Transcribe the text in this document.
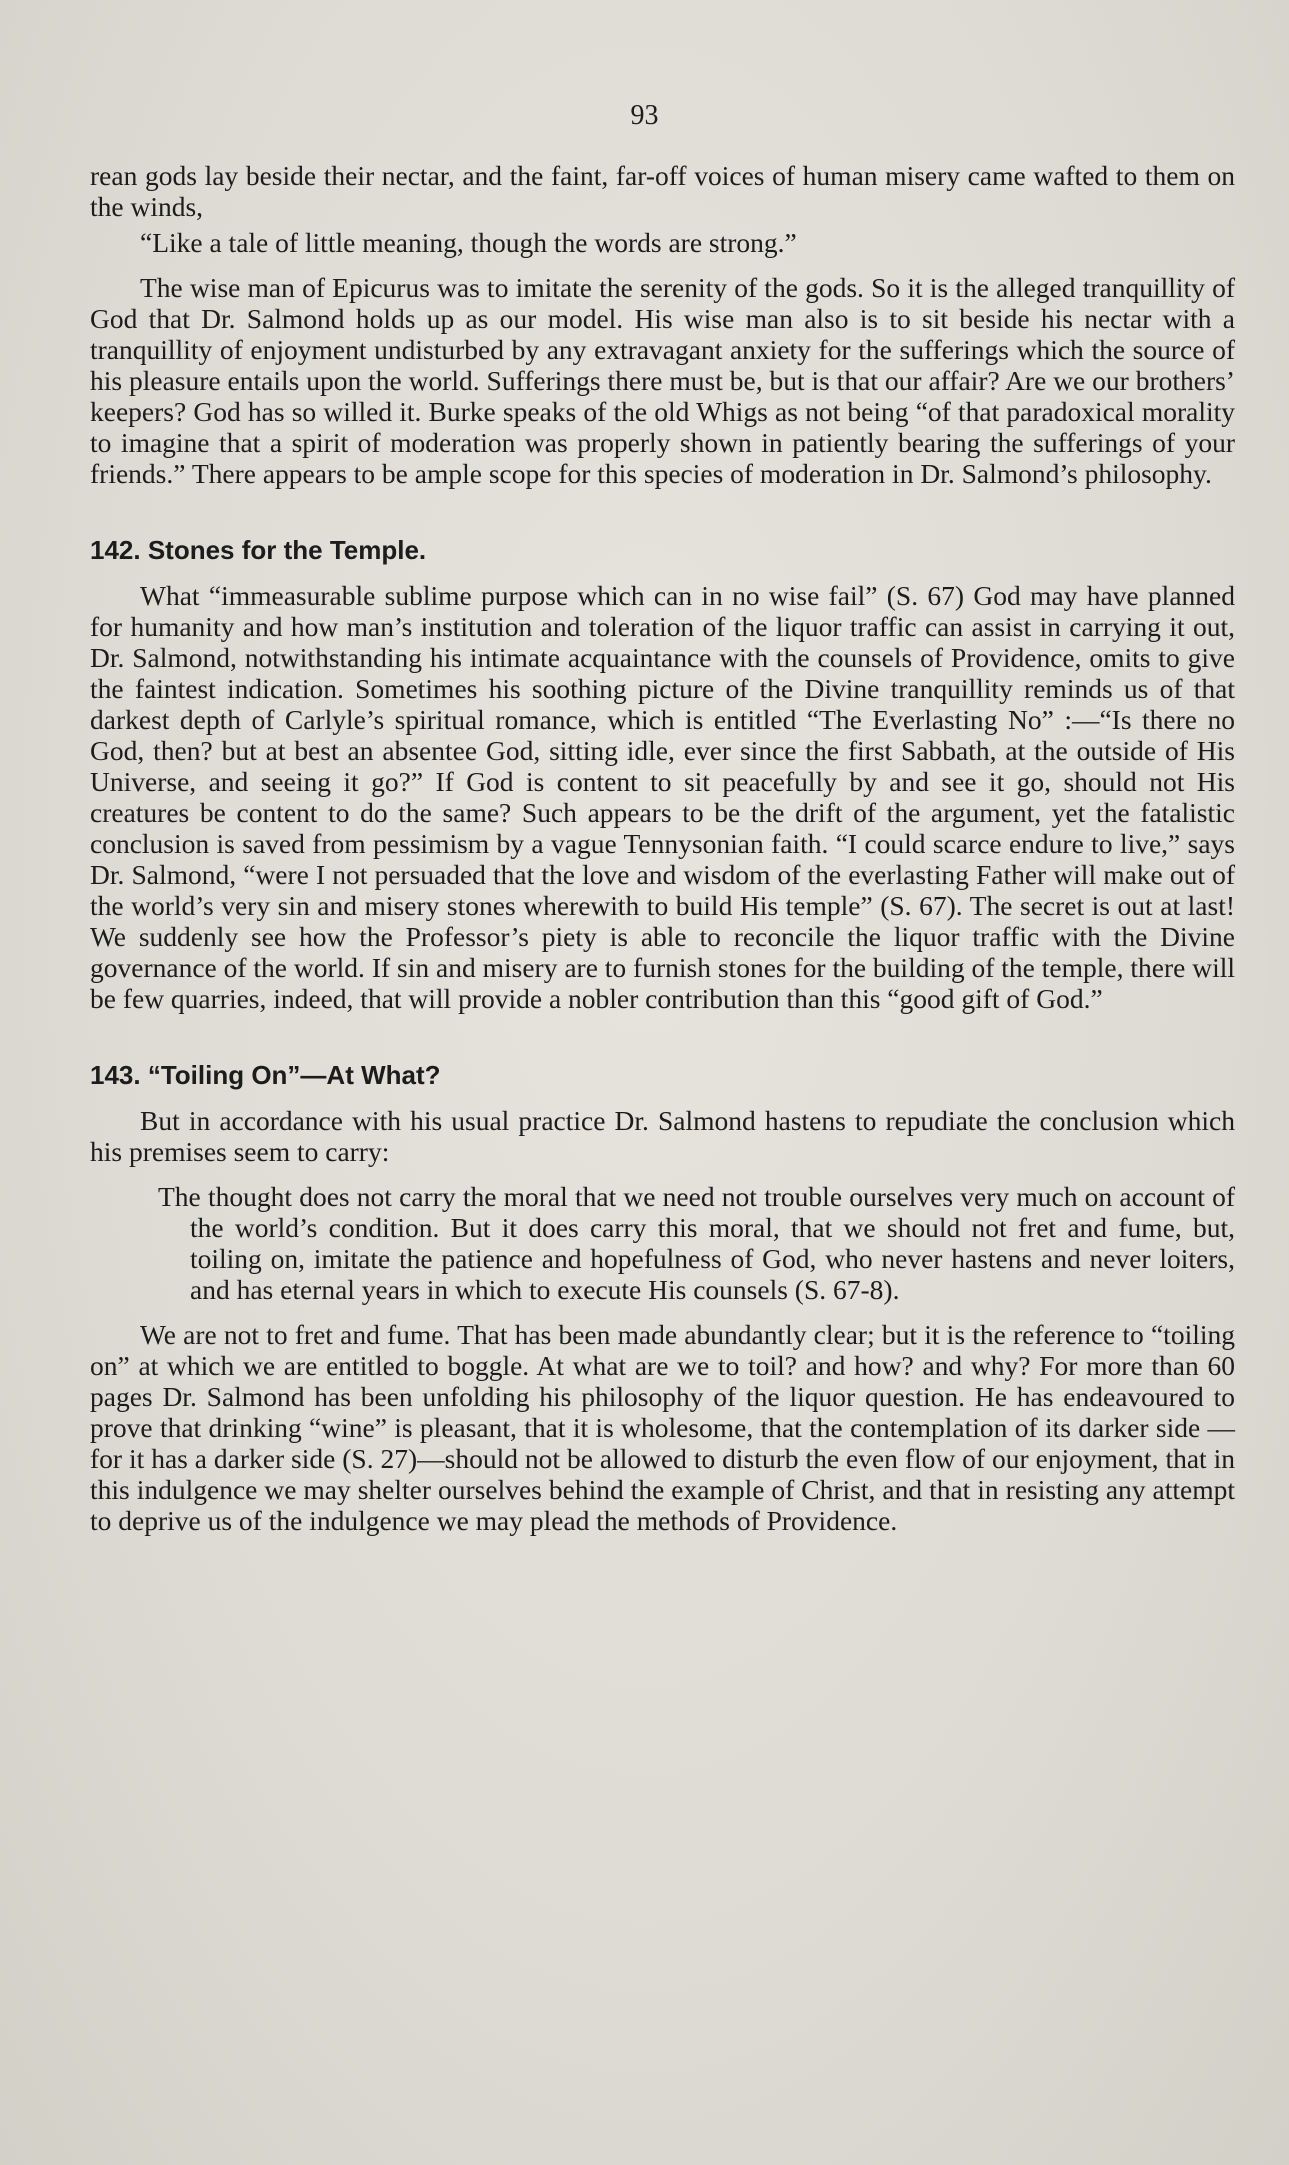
93

rean gods lay beside their nectar, and the faint, far-off voices of human misery came wafted to them on the winds,

“Like a tale of little meaning, though the words are strong.”

The wise man of Epicurus was to imitate the serenity of the gods. So it is the alleged tranquillity of God that Dr. Salmond holds up as our model. His wise man also is to sit beside his nectar with a tranquillity of enjoyment undisturbed by any extravagant anxiety for the sufferings which the source of his pleasure entails upon the world. Sufferings there must be, but is that our affair? Are we our brothers’ keepers? God has so willed it. Burke speaks of the old Whigs as not being “of that paradoxical morality to imagine that a spirit of moderation was properly shown in patiently bearing the sufferings of your friends.” There appears to be ample scope for this species of moderation in Dr. Salmond’s philosophy.

142. Stones for the Temple.

What “immeasurable sublime purpose which can in no wise fail” (S. 67) God may have planned for humanity and how man’s institution and toleration of the liquor traffic can assist in carrying it out, Dr. Salmond, notwithstanding his intimate acquaintance with the counsels of Providence, omits to give the faintest indication. Sometimes his soothing picture of the Divine tranquillity reminds us of that darkest depth of Carlyle’s spiritual romance, which is entitled “The Everlasting No” :—“Is there no God, then? but at best an absentee God, sitting idle, ever since the first Sabbath, at the outside of His Universe, and seeing it go?” If God is content to sit peacefully by and see it go, should not His creatures be content to do the same? Such appears to be the drift of the argument, yet the fatalistic conclusion is saved from pessimism by a vague Tennysonian faith. “I could scarce endure to live,” says Dr. Salmond, “were I not persuaded that the love and wisdom of the everlasting Father will make out of the world’s very sin and misery stones wherewith to build His temple” (S. 67). The secret is out at last! We suddenly see how the Professor’s piety is able to reconcile the liquor traffic with the Divine governance of the world. If sin and misery are to furnish stones for the building of the temple, there will be few quarries, indeed, that will provide a nobler contribution than this “good gift of God.”

143. “Toiling On”—At What?

But in accordance with his usual practice Dr. Salmond hastens to repudiate the conclusion which his premises seem to carry:

The thought does not carry the moral that we need not trouble ourselves very much on account of the world’s condition. But it does carry this moral, that we should not fret and fume, but, toiling on, imitate the patience and hopefulness of God, who never hastens and never loiters, and has eternal years in which to execute His counsels (S. 67-8).

We are not to fret and fume. That has been made abundantly clear; but it is the reference to “toiling on” at which we are entitled to boggle. At what are we to toil? and how? and why? For more than 60 pages Dr. Salmond has been unfolding his philosophy of the liquor question. He has endeavoured to prove that drinking “wine” is pleasant, that it is wholesome, that the contemplation of its darker side —for it has a darker side (S. 27)—should not be allowed to disturb the even flow of our enjoyment, that in this indulgence we may shelter ourselves behind the example of Christ, and that in resisting any attempt to deprive us of the indulgence we may plead the methods of Providence.
